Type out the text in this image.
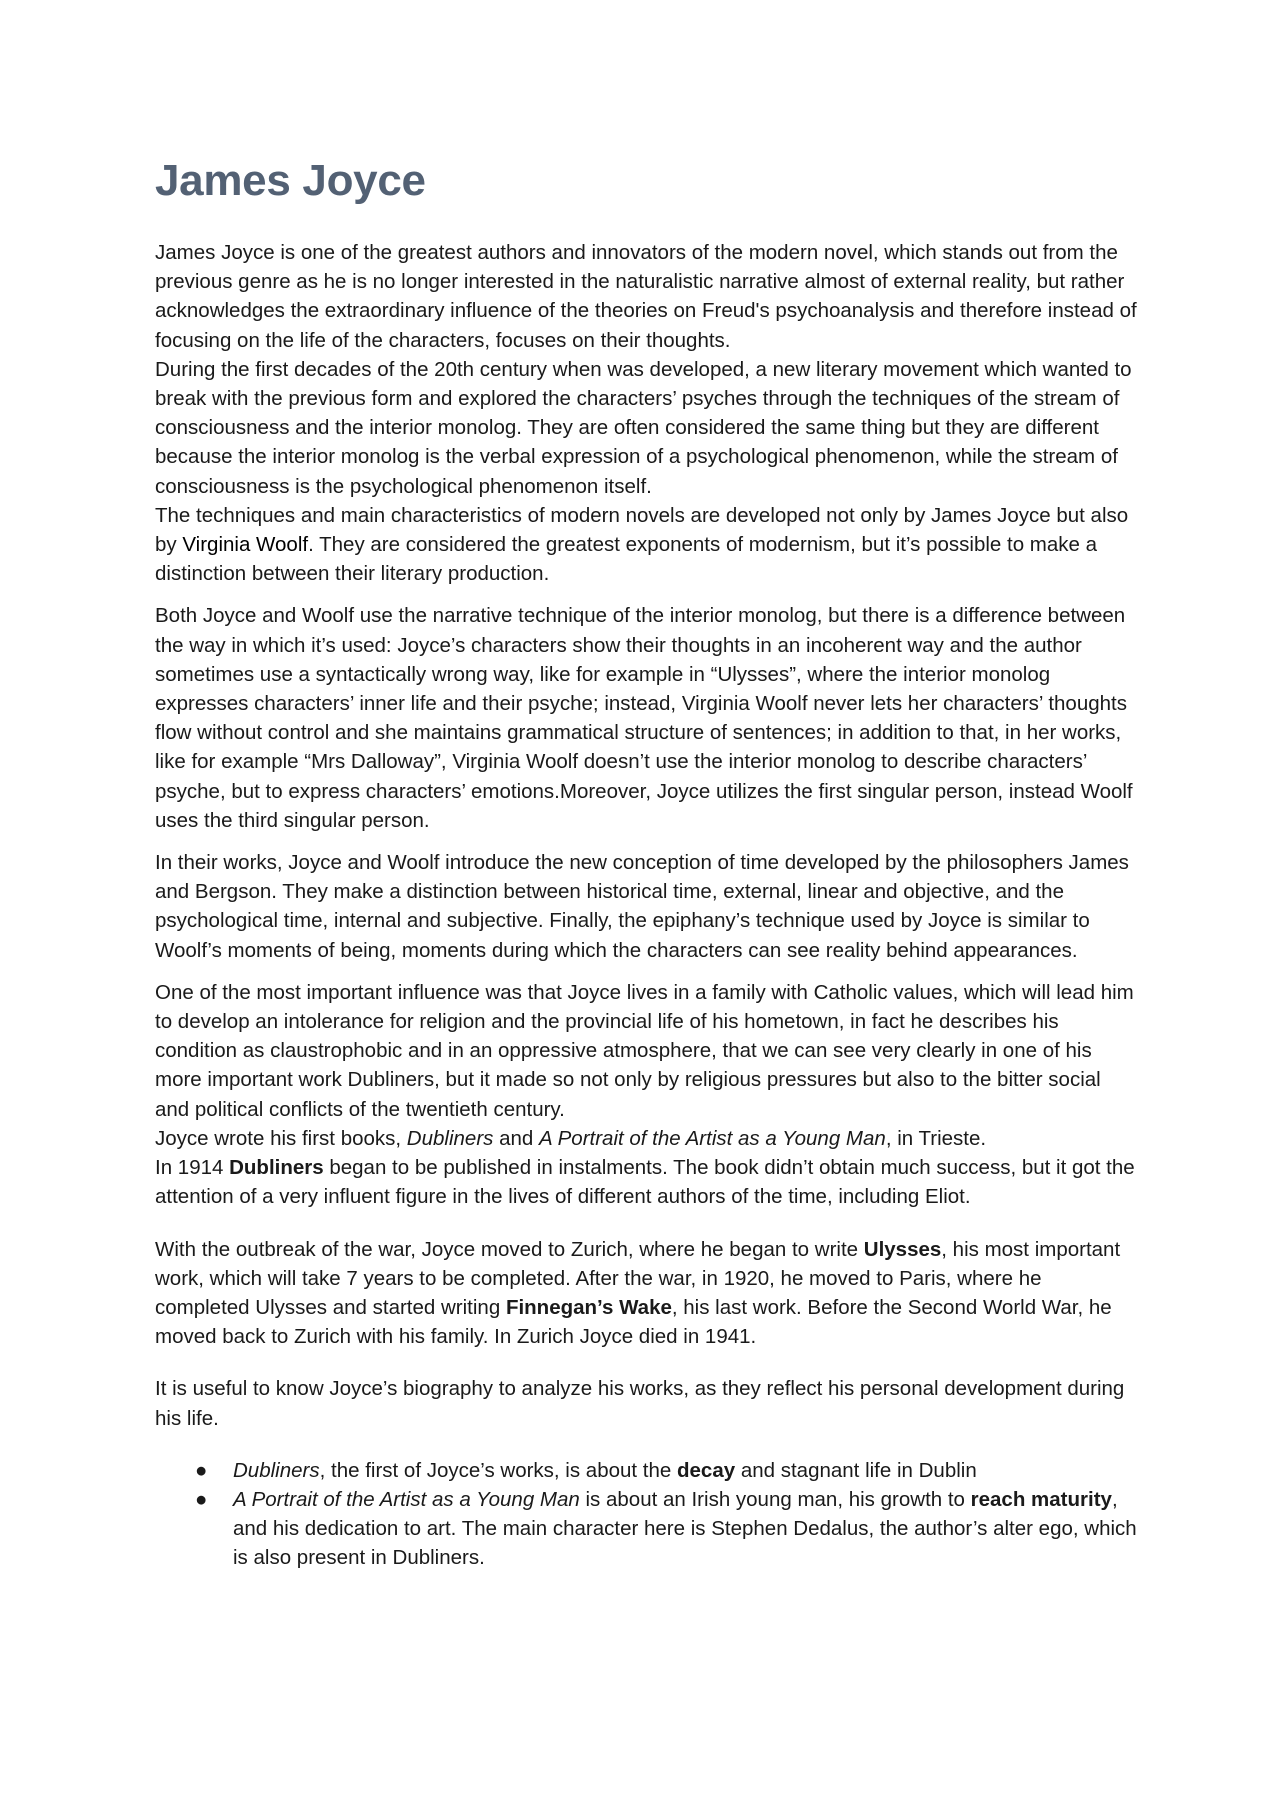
James Joyce

James Joyce is one of the greatest authors and innovators of the modern novel, which stands out from the previous genre as he is no longer interested in the naturalistic narrative almost of external reality, but rather acknowledges the extraordinary influence of the theories on Freud's psychoanalysis and therefore instead of focusing on the life of the characters, focuses on their thoughts.

During the first decades of the 20th century when was developed, a new literary movement which wanted to break with the previous form and explored the characters’ psyches through the techniques of the stream of consciousness and the interior monolog. They are often considered the same thing but they are different because the interior monolog is the verbal expression of a psychological phenomenon, while the stream of consciousness is the psychological phenomenon itself.

The techniques and main characteristics of modern novels are developed not only by James Joyce but also by Virginia Woolf. They are considered the greatest exponents of modernism, but it’s possible to make a distinction between their literary production.

Both Joyce and Woolf use the narrative technique of the interior monolog, but there is a difference between the way in which it’s used: Joyce’s characters show their thoughts in an incoherent way and the author sometimes use a syntactically wrong way, like for example in “Ulysses”, where the interior monolog expresses characters’ inner life and their psyche; instead, Virginia Woolf never lets her characters’ thoughts flow without control and she maintains grammatical structure of sentences; in addition to that, in her works, like for example “Mrs Dalloway”, Virginia Woolf doesn’t use the interior monolog to describe characters’ psyche, but to express characters’ emotions.Moreover, Joyce utilizes the first singular person, instead Woolf uses the third singular person.

In their works, Joyce and Woolf introduce the new conception of time developed by the philosophers James and Bergson. They make a distinction between historical time, external, linear and objective, and the psychological time, internal and subjective. Finally, the epiphany’s technique used by Joyce is similar to Woolf’s moments of being, moments during which the characters can see reality behind appearances.

One of the most important influence was that Joyce lives in a family with Catholic values, which will lead him to develop an intolerance for religion and the provincial life of his hometown, in fact he describes his condition as claustrophobic and in an oppressive atmosphere, that we can see very clearly in one of his more important work Dubliners, but it made so not only by religious pressures but also to the bitter social and political conflicts of the twentieth century.

Joyce wrote his first books, Dubliners and A Portrait of the Artist as a Young Man, in Trieste.

In 1914 Dubliners began to be published in instalments. The book didn’t obtain much success, but it got the attention of a very influent figure in the lives of different authors of the time, including Eliot.

With the outbreak of the war, Joyce moved to Zurich, where he began to write Ulysses, his most important work, which will take 7 years to be completed. After the war, in 1920, he moved to Paris, where he completed Ulysses and started writing Finnegan’s Wake, his last work. Before the Second World War, he moved back to Zurich with his family. In Zurich Joyce died in 1941.

It is useful to know Joyce’s biography to analyze his works, as they reflect his personal development during his life.

● Dubliners, the first of Joyce’s works, is about the decay and stagnant life in Dublin
● A Portrait of the Artist as a Young Man is about an Irish young man, his growth to reach maturity, and his dedication to art. The main character here is Stephen Dedalus, the author’s alter ego, which is also present in Dubliners.
